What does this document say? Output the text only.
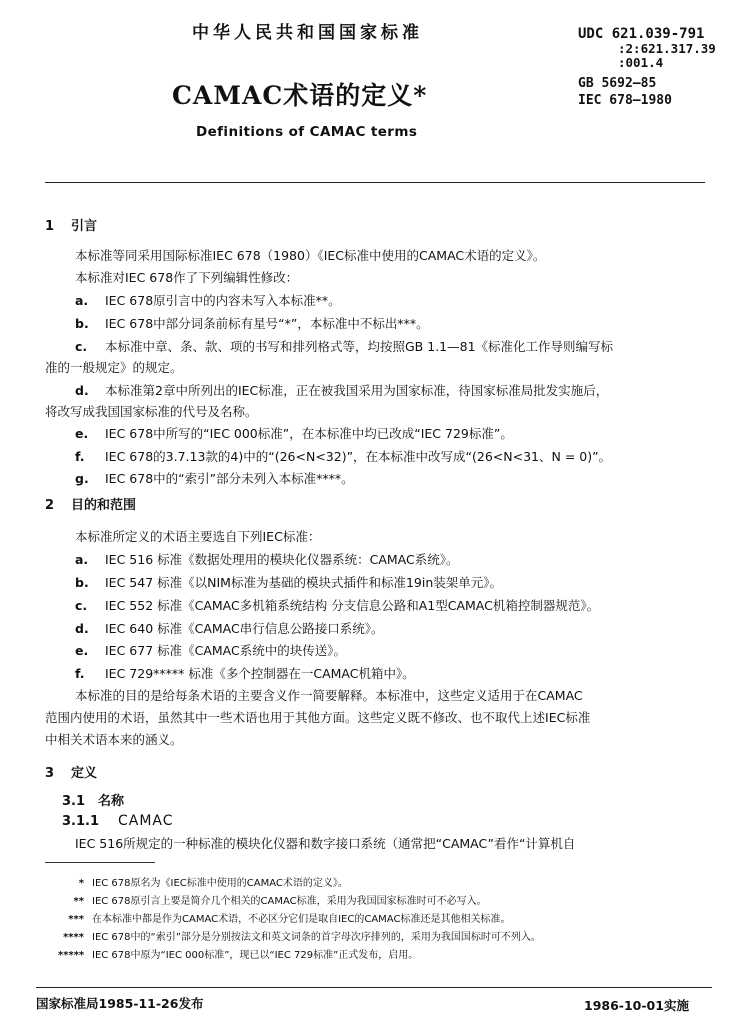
中华人民共和国国家标准	UDC 621.039-791
:2:621.317.39
:001.4
GB 5692—85
IEC 678—1980
CAMAC术语的定义*
Definitions of CAMAC terms
1 引言
本标准等同采用国际标准IEC 678（1980）《IEC标准中使用的CAMAC术语的定义》。
本标准对IEC 678作了下列编辑性修改：
a. IEC 678原引言中的内容未写入本标准**。
b. IEC 678中部分词条前标有星号“*”，本标准中不标出***。
c. 本标准中章、条、款、项的书写和排列格式等，均按照GB 1.1—81《标准化工作导则编写标
准的一般规定》的规定。
d. 本标准第2章中所列出的IEC标准，正在被我国采用为国家标准，待国家标准局批发实施后，
将改写成我国国家标准的代号及名称。
e. IEC 678中所写的“IEC 000标准”，在本标准中均已改成“IEC 729标准”。
f. IEC 678的3.7.13款的4)中的“(26<N<32)”，在本标准中改写成“(26<N<31、N = 0)”。
g. IEC 678中的“索引”部分未列入本标准****。
2 目的和范围
本标准所定义的术语主要选自下列IEC标准：
a. IEC 516 标准《数据处理用的模块化仪器系统：CAMAC系统》。
b. IEC 547 标准《以NIM标准为基础的模块式插件和标准19in装架单元》。
c. IEC 552 标准《CAMAC多机箱系统结构 分支信息公路和A1型CAMAC机箱控制器规范》。
d. IEC 640 标准《CAMAC串行信息公路接口系统》。
e. IEC 677 标准《CAMAC系统中的块传送》。
f. IEC 729***** 标准《多个控制器在一CAMAC机箱中》。
本标准的目的是给每条术语的主要含义作一简要解释。本标准中，这些定义适用于在CAMAC
范围内使用的术语，虽然其中一些术语也用于其他方面。这些定义既不修改、也不取代上述IEC标准
中相关术语本来的涵义。
3 定义
3.1 名称
3.1.1 CAMAC
IEC 516所规定的一种标准的模块化仪器和数字接口系统（通常把“CAMAC”看作“计算机自
* IEC 678原名为《IEC标准中使用的CAMAC术语的定义》。
** IEC 678原引言上要是简介几个相关的CAMAC标准，采用为我国国家标准时可不必写入。
*** 在本标准中都是作为CAMAC术语，不必区分它们是取自IEC的CAMAC标准还是其他相关标准。
**** IEC 678中的“索引”部分是分别按法文和英文词条的首字母次序排列的，采用为我国国标时可不列入。
***** IEC 678中原为“IEC 000标准”，现已以“IEC 729标准”正式发布，启用。
国家标准局1985-11-26发布	1986-10-01实施
